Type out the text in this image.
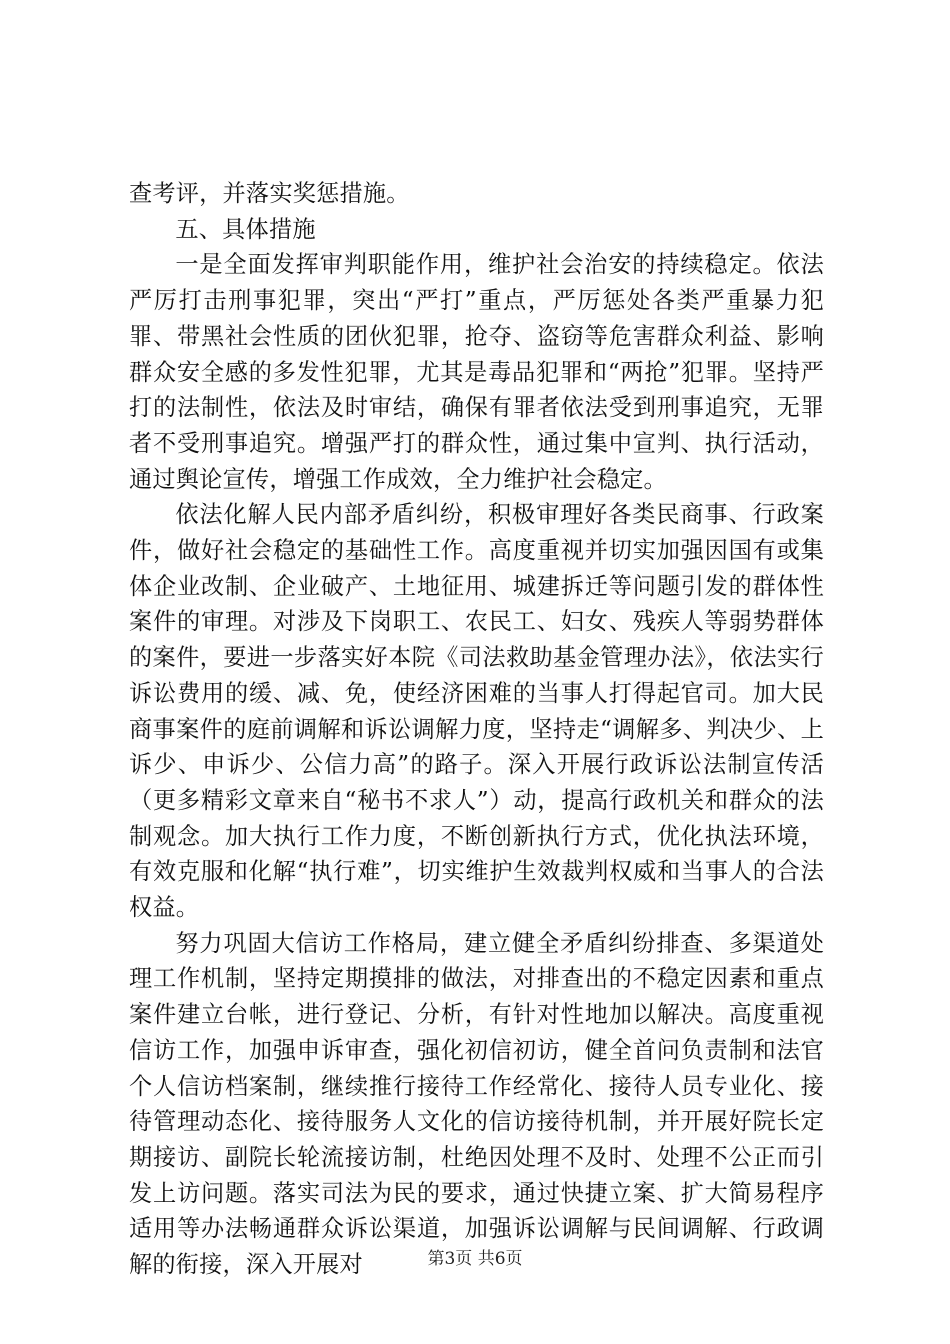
查考评，并落实奖惩措施。

五、具体措施

一是全面发挥审判职能作用，维护社会治安的持续稳定。依法严厉打击刑事犯罪，突出“严打”重点，严厉惩处各类严重暴力犯罪、带黑社会性质的团伙犯罪，抢夺、盗窃等危害群众利益、影响群众安全感的多发性犯罪，尤其是毒品犯罪和“两抢”犯罪。坚持严打的法制性，依法及时审结，确保有罪者依法受到刑事追究，无罪者不受刑事追究。增强严打的群众性，通过集中宣判、执行活动，通过舆论宣传，增强工作成效，全力维护社会稳定。

依法化解人民内部矛盾纠纷，积极审理好各类民商事、行政案件，做好社会稳定的基础性工作。高度重视并切实加强因国有或集体企业改制、企业破产、土地征用、城建拆迁等问题引发的群体性案件的审理。对涉及下岗职工、农民工、妇女、残疾人等弱势群体的案件，要进一步落实好本院《司法救助基金管理办法》，依法实行诉讼费用的缓、减、免，使经济困难的当事人打得起官司。加大民商事案件的庭前调解和诉讼调解力度，坚持走“调解多、判决少、上诉少、申诉少、公信力高”的路子。深入开展行政诉讼法制宣传活（更多精彩文章来自“秘书不求人”）动，提高行政机关和群众的法制观念。加大执行工作力度，不断创新执行方式，优化执法环境，有效克服和化解“执行难”，切实维护生效裁判权威和当事人的合法权益。

努力巩固大信访工作格局，建立健全矛盾纠纷排查、多渠道处理工作机制，坚持定期摸排的做法，对排查出的不稳定因素和重点案件建立台帐，进行登记、分析，有针对性地加以解决。高度重视信访工作，加强申诉审查，强化初信初访，健全首问负责制和法官个人信访档案制，继续推行接待工作经常化、接待人员专业化、接待管理动态化、接待服务人文化的信访接待机制，并开展好院长定期接访、副院长轮流接访制，杜绝因处理不及时、处理不公正而引发上访问题。落实司法为民的要求，通过快捷立案、扩大简易程序适用等办法畅通群众诉讼渠道，加强诉讼调解与民间调解、行政调解的衔接，深入开展对	第3页 共6页
